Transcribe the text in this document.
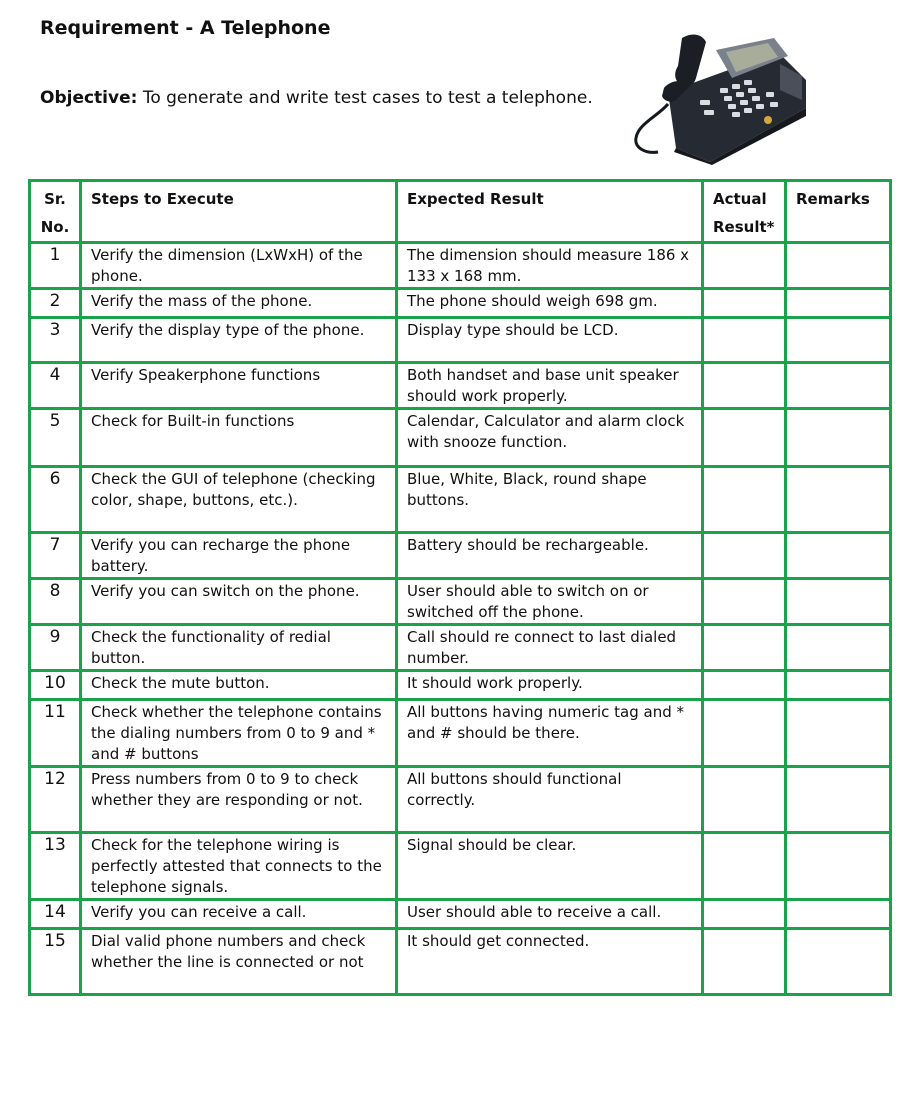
Requirement - A Telephone
Objective: To generate and write test cases to test a telephone.
Sr. No.	Steps to Execute	Expected Result	Actual Result*	Remarks
1	Verify the dimension (LxWxH) of the phone.	The dimension should measure 186 x 133 x 168 mm.		
2	Verify the mass of the phone.	The phone should weigh 698 gm.		
3	Verify the display type of the phone.	Display type should be LCD.		
4	Verify Speakerphone functions	Both handset and base unit speaker should work properly.		
5	Check for Built-in functions	Calendar, Calculator and alarm clock with snooze function.		
6	Check the GUI of telephone (checking color, shape, buttons, etc.).	Blue, White, Black, round shape buttons.		
7	Verify you can recharge the phone battery.	Battery should be rechargeable.		
8	Verify you can switch on the phone.	User should able to switch on or switched off the phone.		
9	Check the functionality of redial button.	Call should re connect to last dialed number.		
10	Check the mute button.	It should work properly.		
11	Check whether the telephone contains the dialing numbers from 0 to 9 and * and # buttons	All buttons having numeric tag and * and # should be there.		
12	Press numbers from 0 to 9 to check whether they are responding or not.	All buttons should functional correctly.		
13	Check for the telephone wiring is perfectly attested that connects to the telephone signals.	Signal should be clear.		
14	Verify you can receive a call.	User should able to receive a call.		
15	Dial valid phone numbers and check whether the line is connected or not	It should get connected.		
